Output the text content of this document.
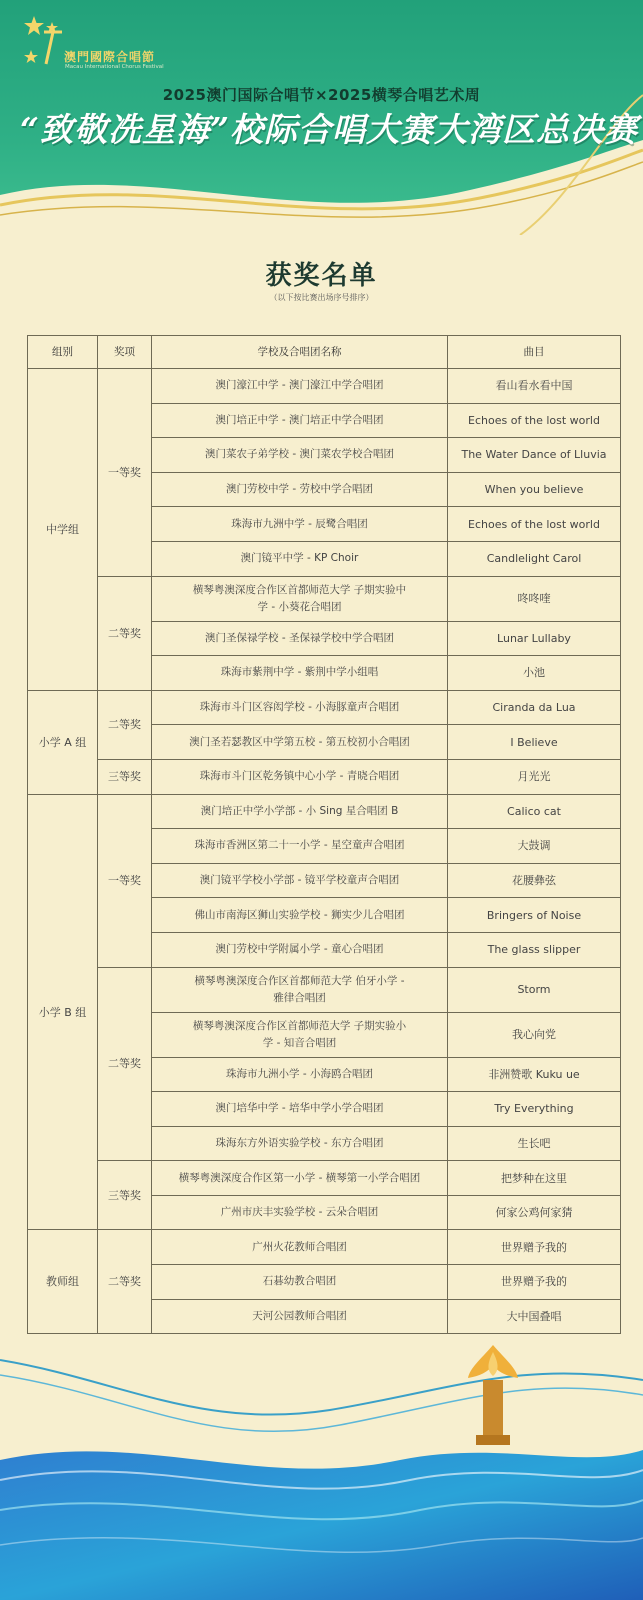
澳門國際合唱節
Macau International Chorus Festival
2025澳门国际合唱节×2025横琴合唱艺术周
“致敬冼星海”校际合唱大赛大湾区总决赛
获奖名单
（以下按比赛出场序号排序）
组别	奖项	学校及合唱团名称	曲目
中学组	一等奖	澳门濠江中学 - 澳门濠江中学合唱团	看山看水看中国
		澳门培正中学 - 澳门培正中学合唱团	Echoes of the lost world
		澳门菜农子弟学校 - 澳门菜农学校合唱团	The Water Dance of Lluvia
		澳门劳校中学 - 劳校中学合唱团	When you believe
		珠海市九洲中学 - 辰鹭合唱团	Echoes of the lost world
		澳门镜平中学 - KP Choir	Candlelight Carol
	二等奖	横琴粤澳深度合作区首都师范大学 子期实验中学 - 小葵花合唱团	咚咚喹
		澳门圣保禄学校 - 圣保禄学校中学合唱团	Lunar Lullaby
		珠海市紫荆中学 - 紫荆中学小组唱	小池
小学 A 组	二等奖	珠海市斗门区容闳学校 - 小海豚童声合唱团	Ciranda da Lua
		澳门圣若瑟教区中学第五校 - 第五校初小合唱团	I Believe
	三等奖	珠海市斗门区乾务镇中心小学 - 青晓合唱团	月光光
小学 B 组	一等奖	澳门培正中学小学部 - 小 Sing 星合唱团 B	Calico cat
		珠海市香洲区第二十一小学 - 星空童声合唱团	大鼓调
		澳门镜平学校小学部 - 镜平学校童声合唱团	花腰彝弦
		佛山市南海区狮山实验学校 - 狮实少儿合唱团	Bringers of Noise
		澳门劳校中学附属小学 - 童心合唱团	The glass slipper
	二等奖	横琴粤澳深度合作区首都师范大学 伯牙小学 - 雅律合唱团	Storm
		横琴粤澳深度合作区首都师范大学 子期实验小学 - 知音合唱团	我心向党
		珠海市九洲小学 - 小海鸥合唱团	非洲赞歌 Kuku ue
		澳门培华中学 - 培华中学小学合唱团	Try Everything
		珠海东方外语实验学校 - 东方合唱团	生长吧
	三等奖	横琴粤澳深度合作区第一小学 - 横琴第一小学合唱团	把梦种在这里
		广州市庆丰实验学校 - 云朵合唱团	何家公鸡何家猜
教师组	二等奖	广州火花教师合唱团	世界赠予我的
		石碁幼教合唱团	世界赠予我的
		天河公园教师合唱团	大中国叠唱
